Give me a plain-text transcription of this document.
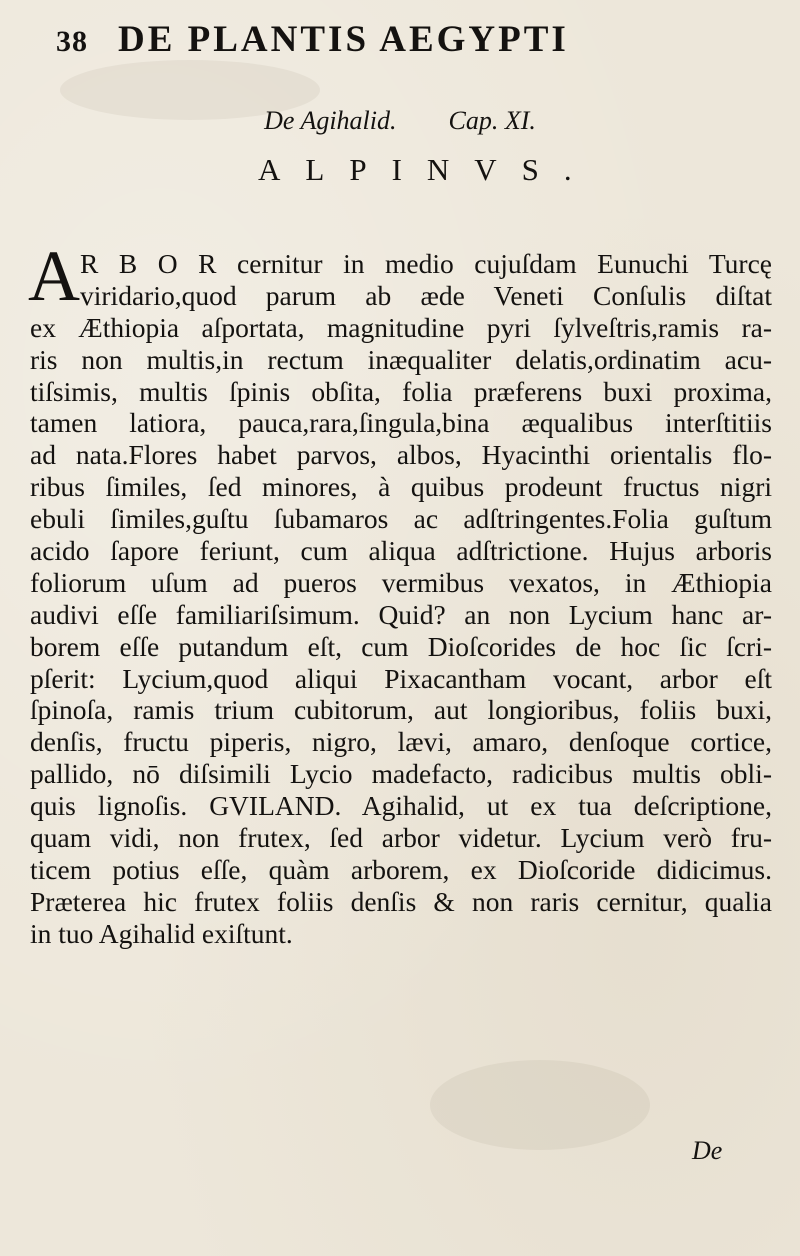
38 DE PLANTIS AEGYPTI
De Agihalid. Cap. XI.
ALPINVS.
A R B O R cernitur in medio cujuſdam Eunuchi Turcę
viridario,quod parum ab æde Veneti Conſulis diſtat
ex Æthiopia aſportata, magnitudine pyri ſylveſtris,ramis ra-
ris non multis,in rectum inæqualiter delatis,ordinatim acu-
tiſsimis, multis ſpinis obſita, folia præferens buxi proxima,
tamen latiora, pauca,rara,ſingula,bina æqualibus interſtitiis
ad nata.Flores habet parvos, albos, Hyacinthi orientalis flo-
ribus ſimiles, ſed minores, à quibus prodeunt fructus nigri
ebuli ſimiles,guſtu ſubamaros ac adſtringentes.Folia guſtum
acido ſapore feriunt, cum aliqua adſtrictione. Hujus arboris
foliorum uſum ad pueros vermibus vexatos, in Æthiopia
audivi eſſe familiariſsimum. Quid? an non Lycium hanc ar-
borem eſſe putandum eſt, cum Dioſcorides de hoc ſic ſcri-
pſerit: Lycium,quod aliqui Pixacantham vocant, arbor eſt
ſpinoſa, ramis trium cubitorum, aut longioribus, foliis buxi,
denſis, fructu piperis, nigro, lævi, amaro, denſoque cortice,
pallido, nō diſsimili Lycio madefacto, radicibus multis obli-
quis lignoſis. GVILAND. Agihalid, ut ex tua deſcriptione,
quam vidi, non frutex, ſed arbor videtur. Lycium verò fru-
ticem potius eſſe, quàm arborem, ex Dioſcoride didicimus.
Præterea hic frutex foliis denſis & non raris cernitur, qualia
in tuo Agihalid exiſtunt.
De
